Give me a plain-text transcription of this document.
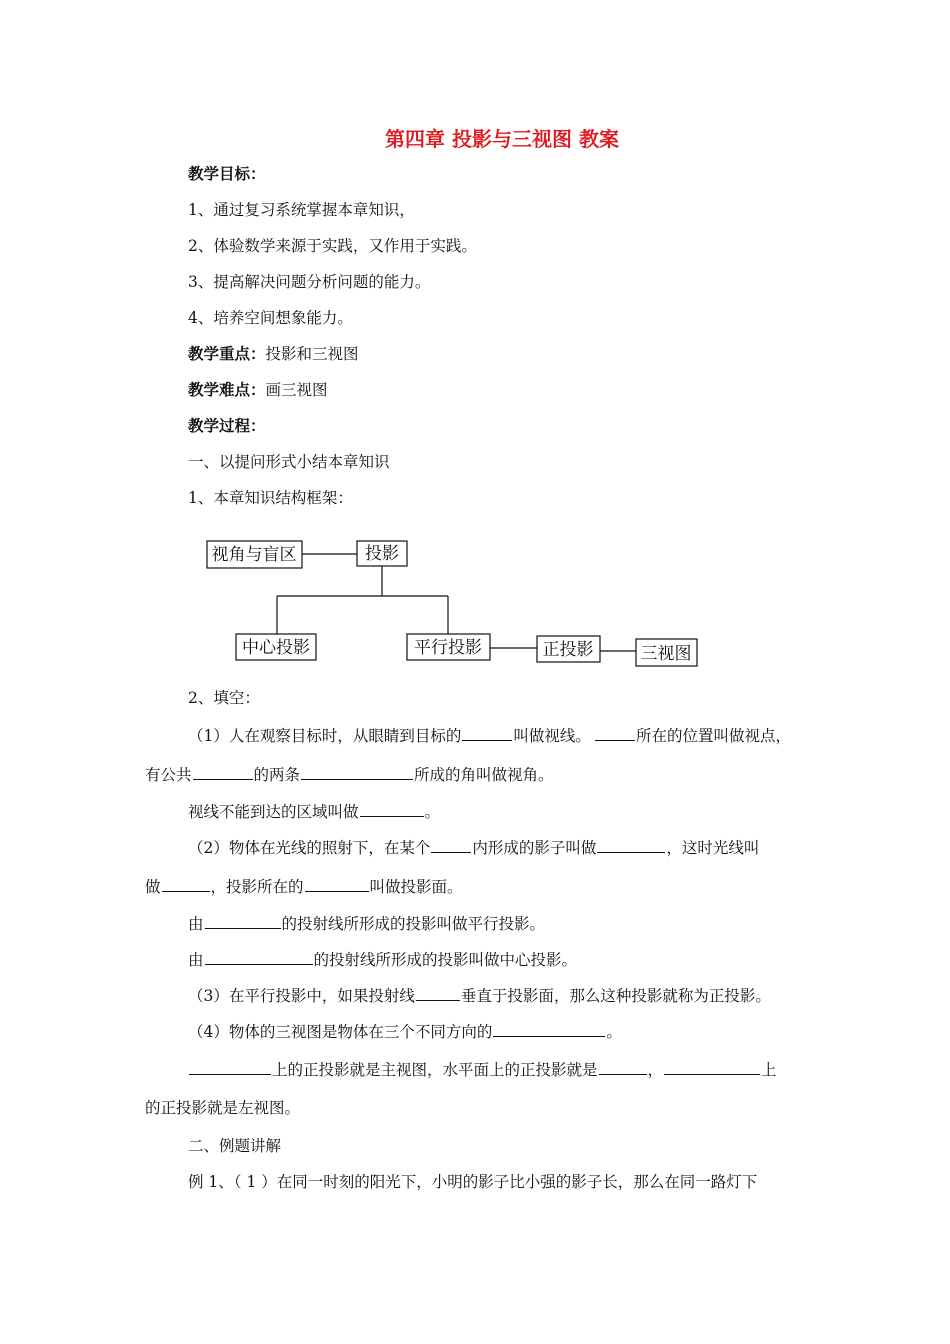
第四章 投影与三视图 教案
教学目标：
1、通过复习系统掌握本章知识，
2、体验数学来源于实践，又作用于实践。
3、提高解决问题分析问题的能力。
4、培养空间想象能力。
教学重点：投影和三视图
教学难点：画三视图
教学过程：
一、以提问形式小结本章知识
1、本章知识结构框架：
视角与盲区	投影
中心投影	平行投影	正投影	三视图
2、填空：
（1）人在观察目标时，从眼睛到目标的	叫做视线。 	所在的位置叫做视点，
有公共	的两条	所成的角叫做视角。
视线不能到达的区域叫做	。
（2）物体在光线的照射下，在某个	内形成的影子叫做	，这时光线叫
做	，投影所在的	叫做投影面。
由	的投射线所形成的投影叫做平行投影。
由	的投射线所形成的投影叫做中心投影。
（3）在平行投影中，如果投射线	垂直于投影面，那么这种投影就称为正投影。
（4）物体的三视图是物体在三个不同方向的	。
上的正投影就是主视图，水平面上的正投影就是	，	上
的正投影就是左视图。
二、例题讲解
例 1、（ 1 ）在同一时刻的阳光下，小明的影子比小强的影子长，那么在同一路灯下
